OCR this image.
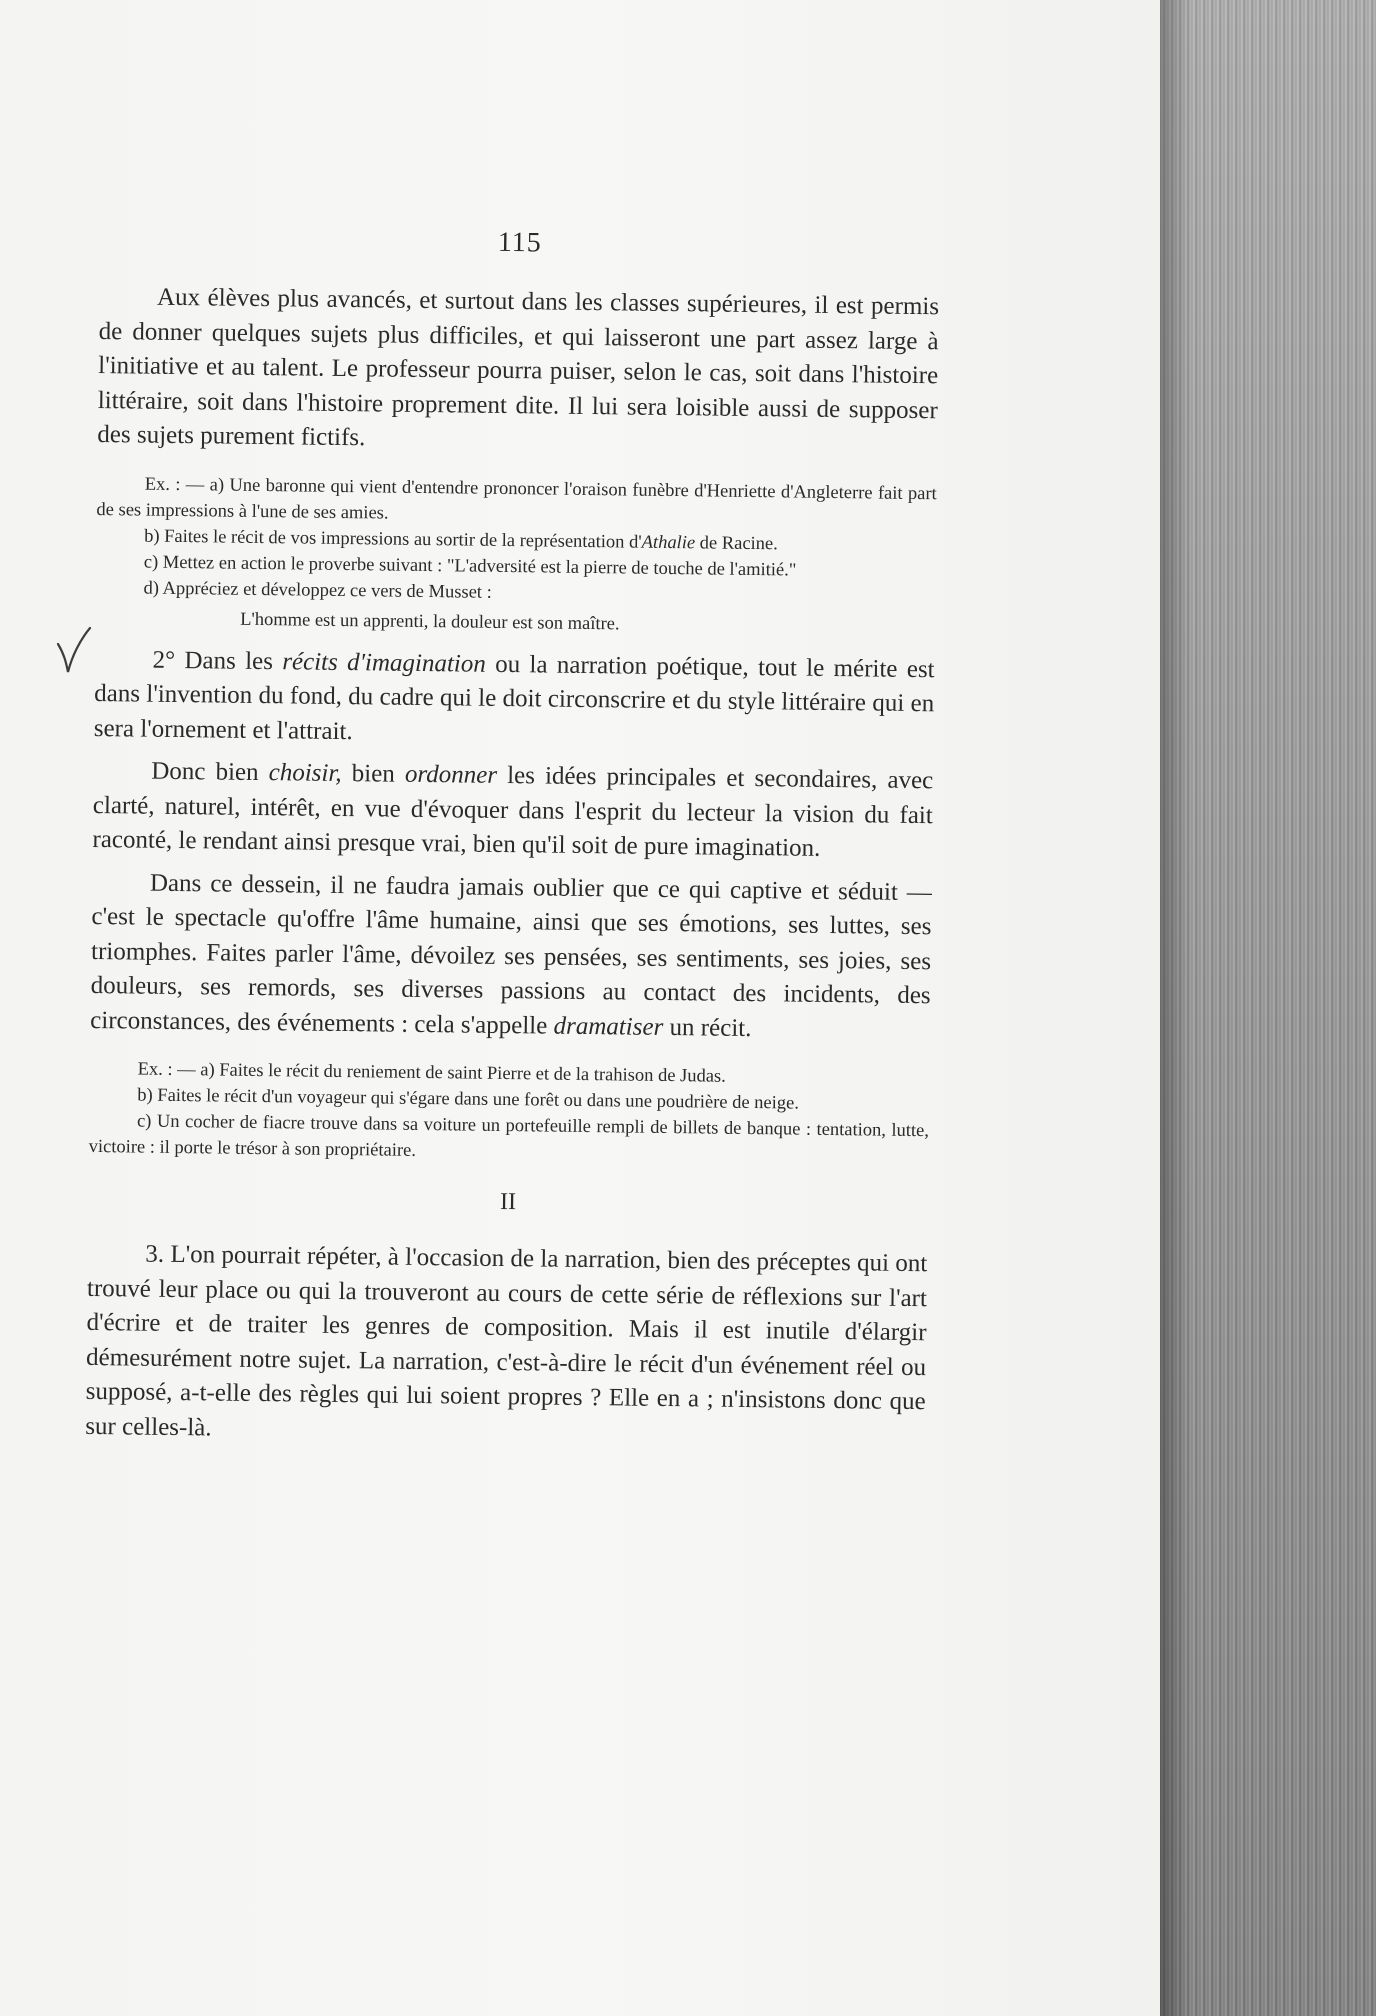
115

Aux élèves plus avancés, et surtout dans les classes supérieures, il est permis de donner quelques sujets plus difficiles, et qui laisseront une part assez large à l'initiative et au talent. Le professeur pourra puiser, selon le cas, soit dans l'histoire littéraire, soit dans l'histoire proprement dite. Il lui sera loisible aussi de supposer des sujets purement fictifs.

Ex. : — a) Une baronne qui vient d'entendre prononcer l'oraison funèbre d'Henriette d'Angleterre fait part de ses impressions à l'une de ses amies.

b) Faites le récit de vos impressions au sortir de la représentation d'Athalie de Racine.

c) Mettez en action le proverbe suivant : "L'adversité est la pierre de touche de l'amitié."

d) Appréciez et développez ce vers de Musset :

L'homme est un apprenti, la douleur est son maître.

2° Dans les récits d'imagination ou la narration poétique, tout le mérite est dans l'invention du fond, du cadre qui le doit circonscrire et du style littéraire qui en sera l'ornement et l'attrait.

Donc bien choisir, bien ordonner les idées principales et secondaires, avec clarté, naturel, intérêt, en vue d'évoquer dans l'esprit du lecteur la vision du fait raconté, le rendant ainsi presque vrai, bien qu'il soit de pure imagination.

Dans ce dessein, il ne faudra jamais oublier que ce qui captive et séduit — c'est le spectacle qu'offre l'âme humaine, ainsi que ses émotions, ses luttes, ses triomphes. Faites parler l'âme, dévoilez ses pensées, ses sentiments, ses joies, ses douleurs, ses remords, ses diverses passions au contact des incidents, des circonstances, des événements : cela s'appelle dramatiser un récit.

Ex. : — a) Faites le récit du reniement de saint Pierre et de la trahison de Judas.

b) Faites le récit d'un voyageur qui s'égare dans une forêt ou dans une poudrière de neige.

c) Un cocher de fiacre trouve dans sa voiture un portefeuille rempli de billets de banque : tentation, lutte, victoire : il porte le trésor à son propriétaire.

II

3. L'on pourrait répéter, à l'occasion de la narration, bien des préceptes qui ont trouvé leur place ou qui la trouveront au cours de cette série de réflexions sur l'art d'écrire et de traiter les genres de composition. Mais il est inutile d'élargir démesurément notre sujet. La narration, c'est-à-dire le récit d'un événement réel ou supposé, a-t-elle des règles qui lui soient propres ? Elle en a ; n'insistons donc que sur celles-là.
